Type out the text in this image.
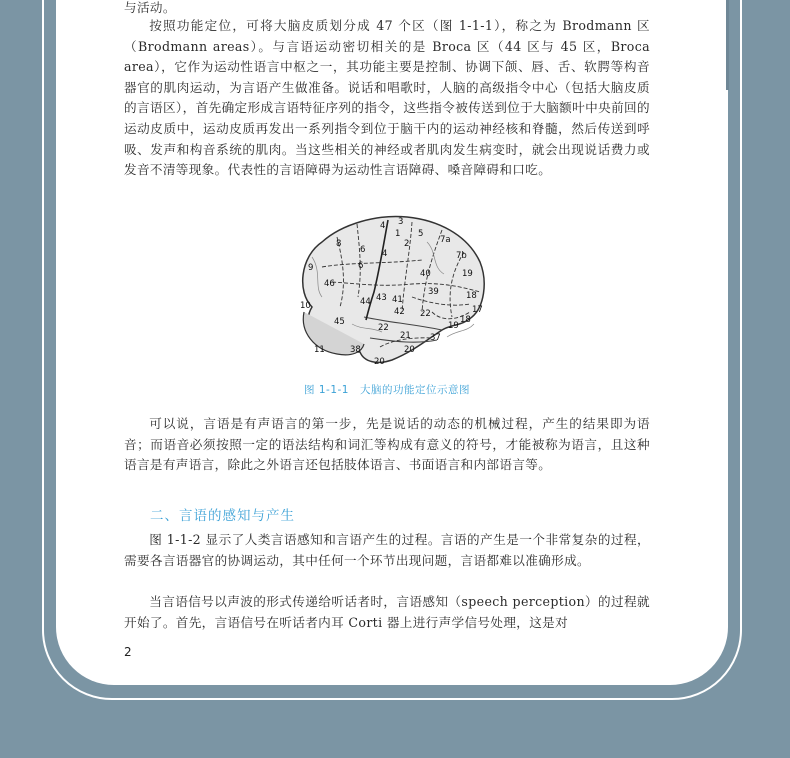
与活动。

按照功能定位，可将大脑皮质划分成 47 个区（图 1-1-1），称之为 Brodmann 区（Brodmann areas）。与言语运动密切相关的是 Broca 区（44 区与 45 区，Broca area），它作为运动性语言中枢之一，其功能主要是控制、协调下颌、唇、舌、软腭等构音器官的肌肉运动，为言语产生做准备。说话和唱歌时，人脑的高级指令中心（包括大脑皮质的言语区），首先确定形成言语特征序列的指令，这些指令被传送到位于大脑额叶中央前回的运动皮质中，运动皮质再发出一系列指令到位于脑干内的运动神经核和脊髓，然后传送到呼吸、发声和构音系统的肌肉。当这些相关的神经或者肌肉发生病变时，就会出现说话费力或发音不清等现象。代表性的言语障碍为运动性言语障碍、嗓音障碍和口吃。

4 3
1
2	7a
8
5
6
9	6
4	7b
46
39
19
40
10	44 43 41
42
18
17
45
22	19
22
18
21 37
11	38
20
20
图 1-1-1　大脑的功能定位示意图

可以说，言语是有声语言的第一步，先是说话的动态的机械过程，产生的结果即为语音；而语音必须按照一定的语法结构和词汇等构成有意义的符号，才能被称为语言，且这种语言是有声语言，除此之外语言还包括肢体语言、书面语言和内部语言等。

二、言语的感知与产生

图 1-1-2 显示了人类言语感知和言语产生的过程。言语的产生是一个非常复杂的过程，需要各言语器官的协调运动，其中任何一个环节出现问题，言语都难以准确形成。

当言语信号以声波的形式传递给听话者时，言语感知（speech perception）的过程就开始了。首先，言语信号在听话者内耳 Corti 器上进行声学信号处理，这是对

2
